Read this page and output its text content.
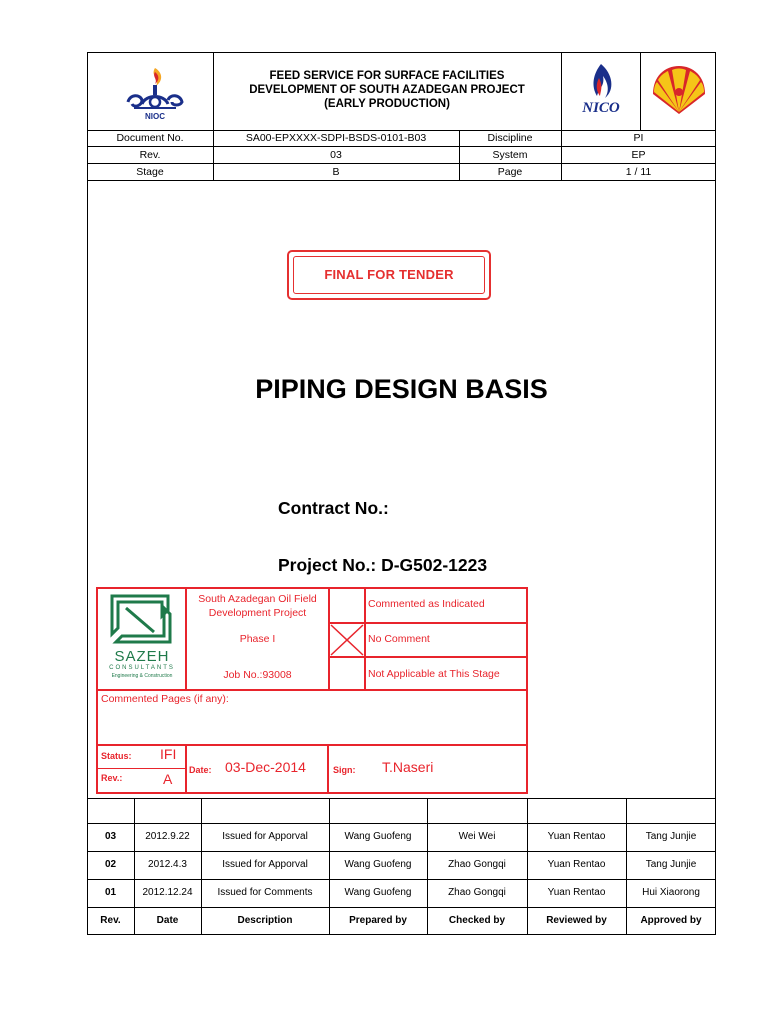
NIOC
FEED SERVICE FOR SURFACE FACILITIES
DEVELOPMENT OF SOUTH AZADEGAN PROJECT
(EARLY PRODUCTION)	NICO
Document No.	SA00-EPXXXX-SDPI-BSDS-0101-B03	Discipline	PI
Rev.	03	System	EP
Stage	B	Page	1 / 11
FINAL FOR TENDER
PIPING DESIGN BASIS
Contract No.:
Project No.: D-G502-1223
SAZEH
CONSULTANTS
Engineering & Construction
South Azadegan Oil Field
Development Project
Phase I
Job No.:93008
Commented as Indicated
No Comment
Not Applicable at This Stage
Commented Pages (if any):
Status: IFI
Rev.:	A
Date: 03-Dec-2014	Sign: T.Naseri
03	2012.9.22	Issued for Apporval	Wang Guofeng	Wei Wei	Yuan Rentao	Tang Junjie
02	2012.4.3	Issued for Apporval	Wang Guofeng	Zhao Gongqi	Yuan Rentao	Tang Junjie
01	2012.12.24	Issued for Comments	Wang Guofeng	Zhao Gongqi	Yuan Rentao	Hui Xiaorong
Rev.	Date	Description	Prepared by	Checked by	Reviewed by	Approved by
